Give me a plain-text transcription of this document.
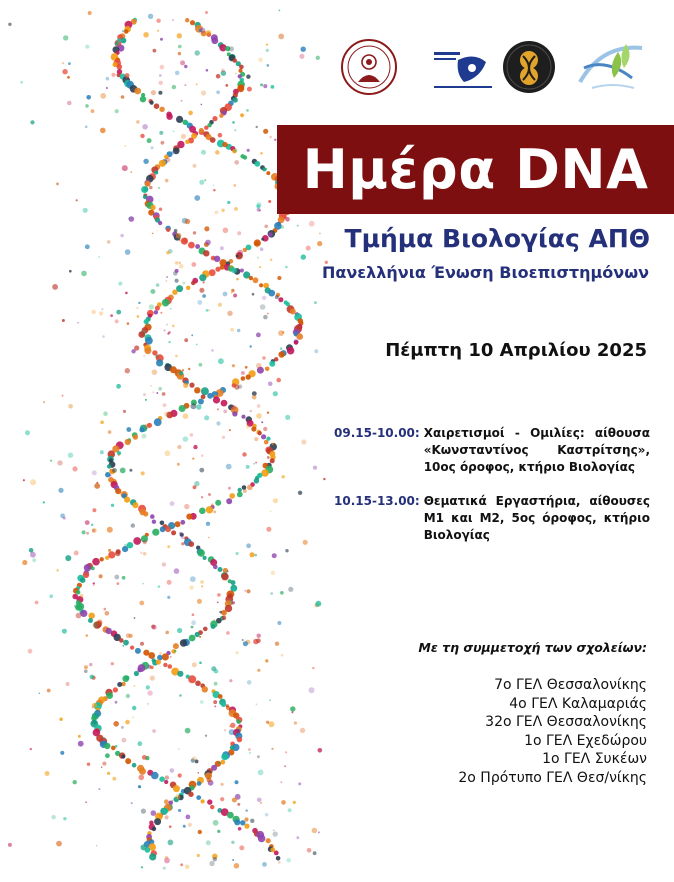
Ημέρα DNA
Τμήμα Βιολογίας ΑΠΘ
Πανελλήνια Ένωση Βιοεπιστημόνων
Πέμπτη 10 Απριλίου 2025
09.15-10.00: Χαιρετισμοί - Ομιλίες: αίθουσα «Κωνσταντίνος Καστρίτσης», 10ος όροφος, κτήριο Βιολογίας
10.15-13.00: Θεματικά Εργαστήρια, αίθουσες Μ1 και Μ2, 5ος όροφος, κτήριο Βιολογίας
Με τη συμμετοχή των σχολείων:
7ο ΓΕΛ Θεσσαλονίκης
4ο ΓΕΛ Καλαμαριάς
32ο ΓΕΛ Θεσσαλονίκης
1ο ΓΕΛ Εχεδώρου
1ο ΓΕΛ Συκέων
2ο Πρότυπο ΓΕΛ Θεσ/νίκης
